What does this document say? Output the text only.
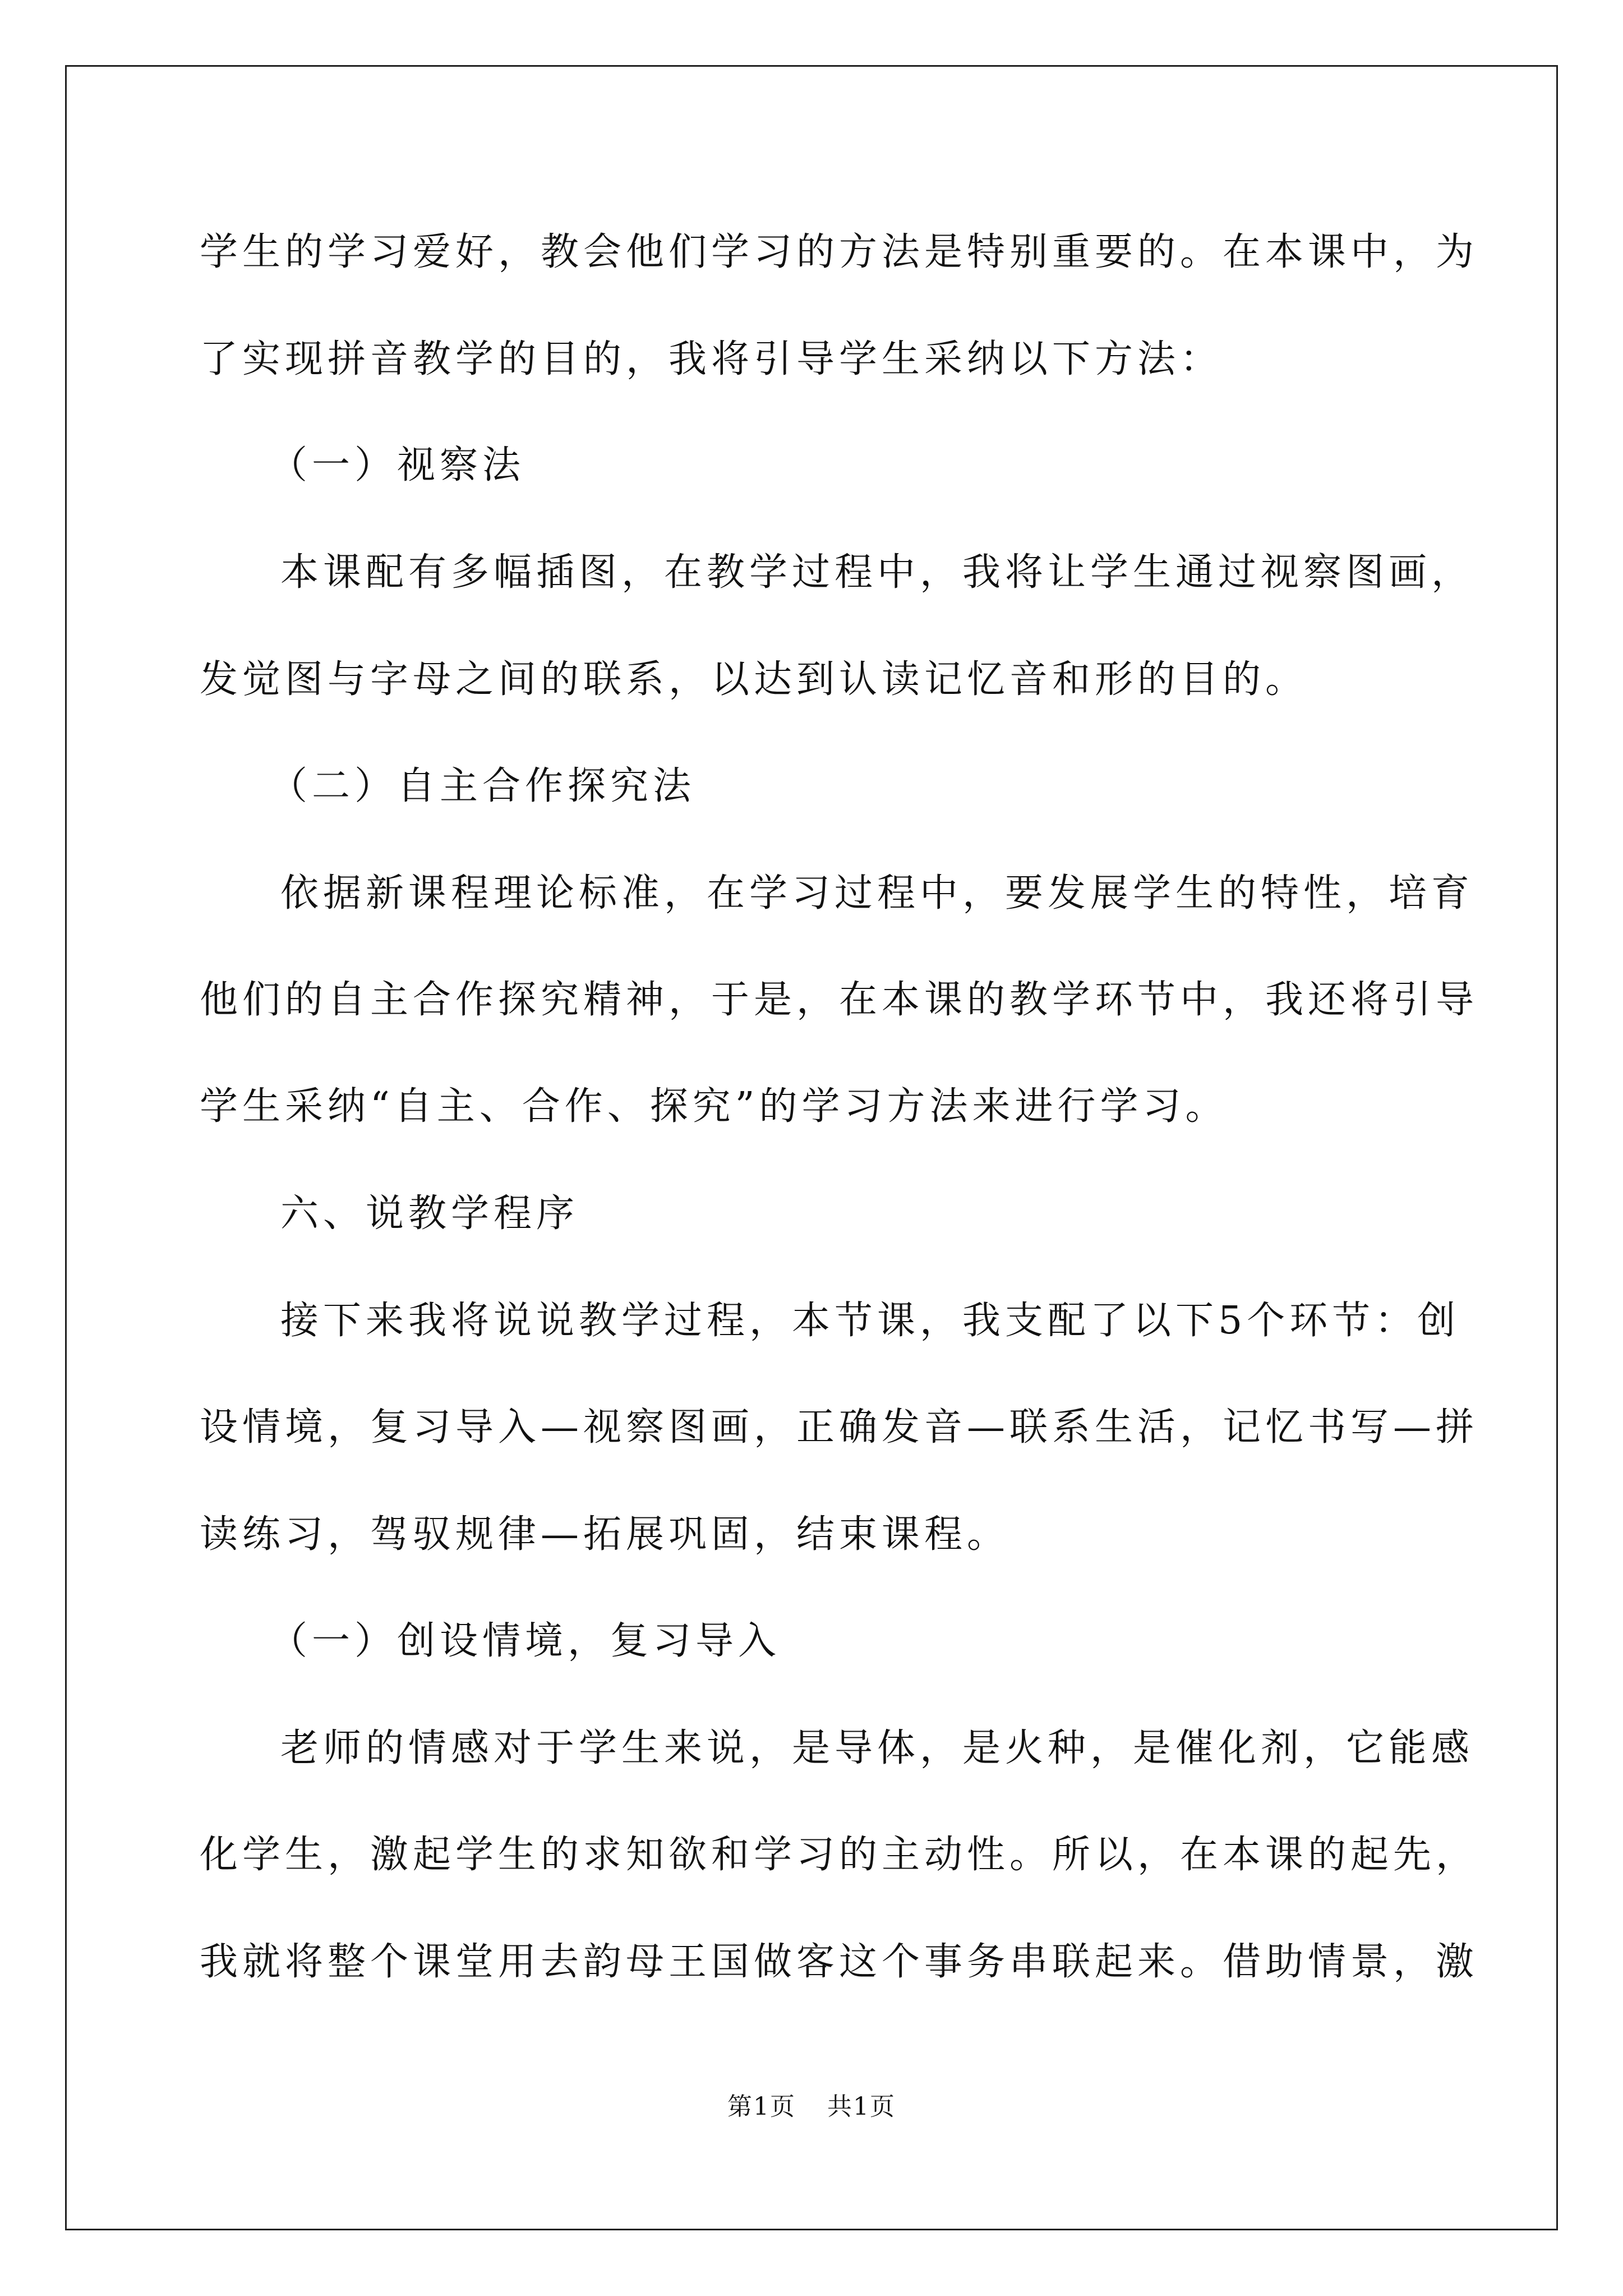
学生的学习爱好，教会他们学习的方法是特别重要的。在本课中，为
了实现拼音教学的目的，我将引导学生采纳以下方法：
（一）视察法
本课配有多幅插图，在教学过程中，我将让学生通过视察图画，
发觉图与字母之间的联系，以达到认读记忆音和形的目的。
（二）自主合作探究法
依据新课程理论标准，在学习过程中，要发展学生的特性，培育
他们的自主合作探究精神，于是，在本课的教学环节中，我还将引导
学生采纳“自主、合作、探究”的学习方法来进行学习。
六、说教学程序
接下来我将说说教学过程，本节课，我支配了以下5个环节：创
设情境，复习导入—视察图画，正确发音—联系生活，记忆书写—拼
读练习，驾驭规律—拓展巩固，结束课程。
（一）创设情境，复习导入
老师的情感对于学生来说，是导体，是火种，是催化剂，它能感
化学生，激起学生的求知欲和学习的主动性。所以，在本课的起先，
我就将整个课堂用去韵母王国做客这个事务串联起来。借助情景，激
第1页 共1页
